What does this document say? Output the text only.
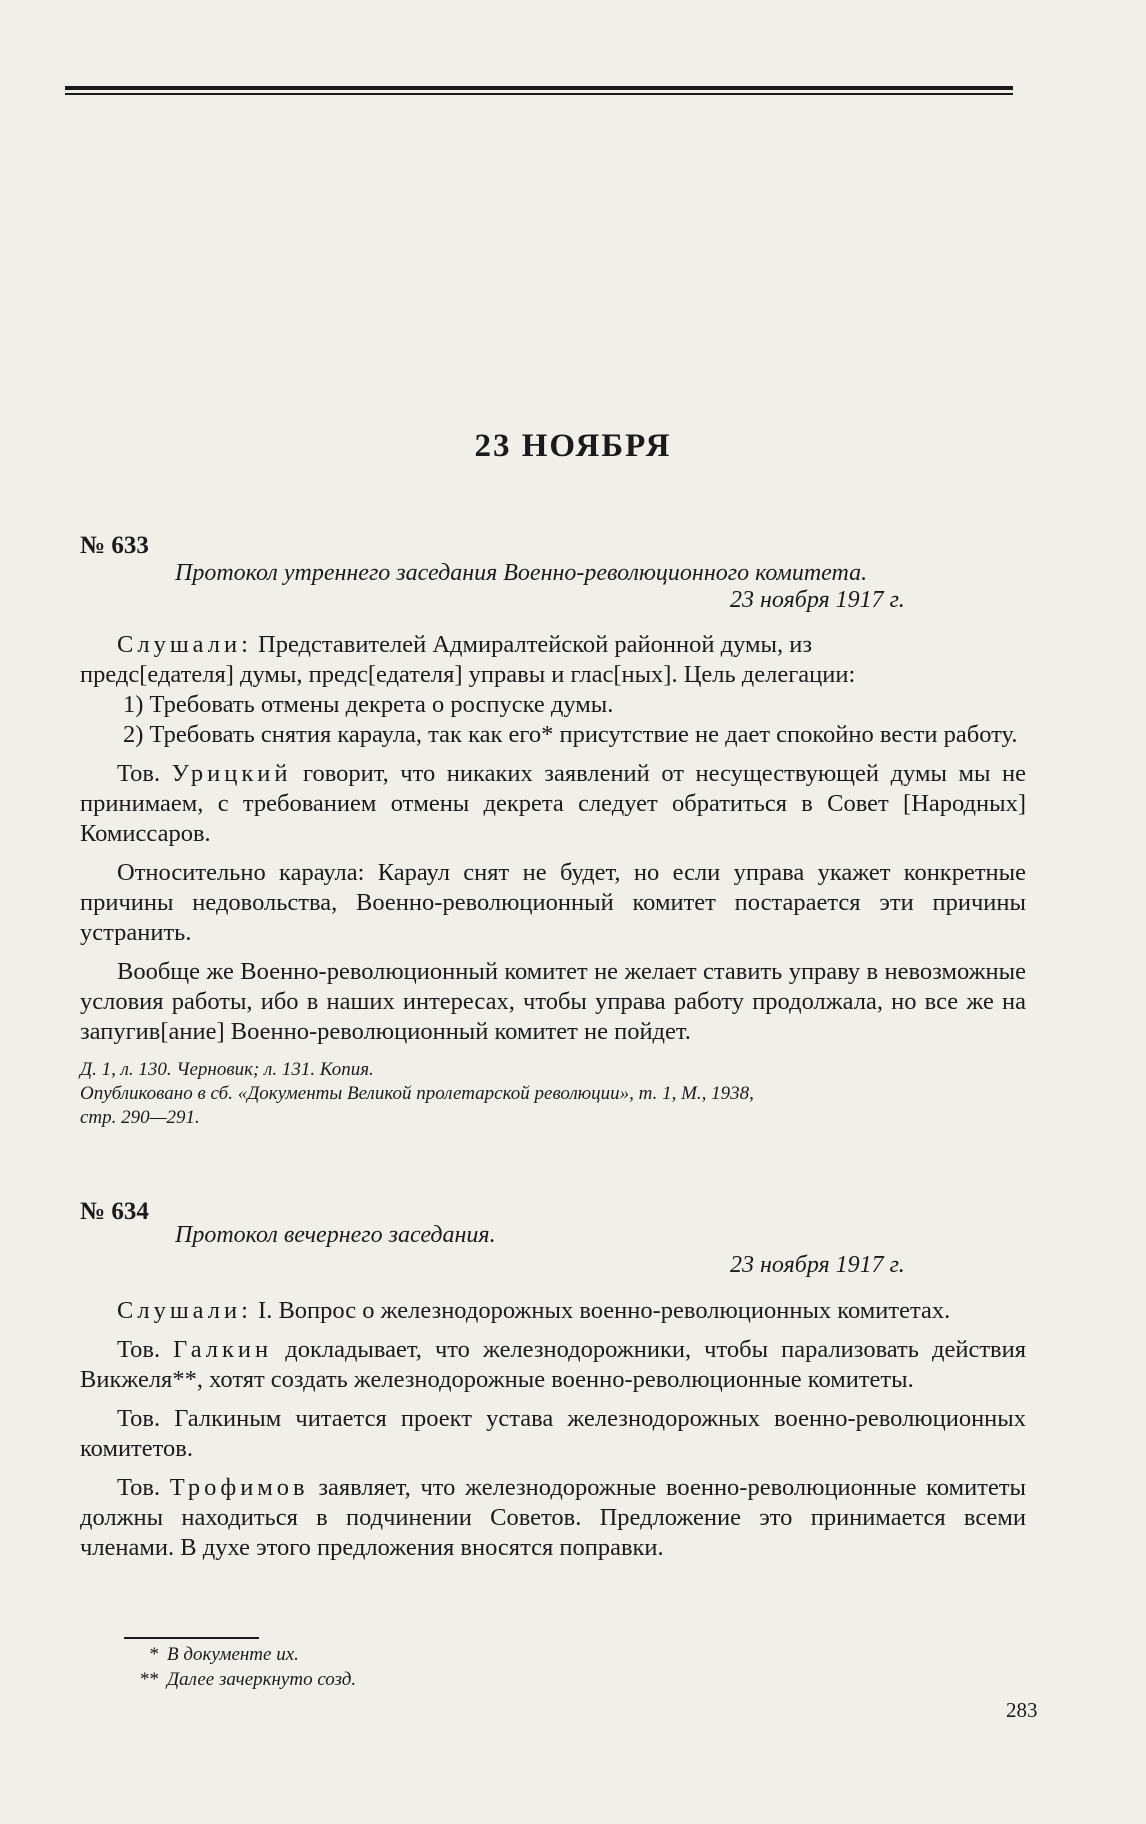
23 НОЯБРЯ
№ 633
Протокол утреннего заседания Военно-революционного комитета.
23 ноября 1917 г.

Слушали: Представителей Адмиралтейской районной думы, из

предс[едателя] думы, предс[едателя] управы и глас[ных]. Цель делегации:

1) Требовать отмены декрета о роспуске думы.

2) Требовать снятия караула, так как его* присутствие не дает спокойно вести работу.

Тов. Урицкий говорит, что никаких заявлений от несуществующей думы мы не принимаем, с требованием отмены декрета следует обратиться в Совет [Народных] Комиссаров.

Относительно караула: Караул снят не будет, но если управа укажет конкретные причины недовольства, Военно-революционный комитет постарается эти причины устранить.

Вообще же Военно-революционный комитет не желает ставить управу в невозможные условия работы, ибо в наших интересах, чтобы управа работу продолжала, но все же на запугив[ание] Военно-революционный комитет не пойдет.

Д. 1, л. 130. Черновик; л. 131. Копия.
Опубликовано в сб. «Документы Великой пролетарской революции», т. 1, М., 1938,
стр. 290—291.
№ 634
Протокол вечернего заседания.
23 ноября 1917 г.

Слушали: I. Вопрос о железнодорожных военно-революционных комитетах.

Тов. Галкин докладывает, что железнодорожники, чтобы парализовать действия Викжеля**, хотят создать железнодорожные военно-революционные комитеты.

Тов. Галкиным читается проект устава железнодорожных военно-революционных комитетов.

Тов. Трофимов заявляет, что железнодорожные военно-революционные комитеты должны находиться в подчинении Советов. Предложение это принимается всеми членами. В духе этого предложения вносятся поправки.

* В документе их.
** Далее зачеркнуто созд.
283
